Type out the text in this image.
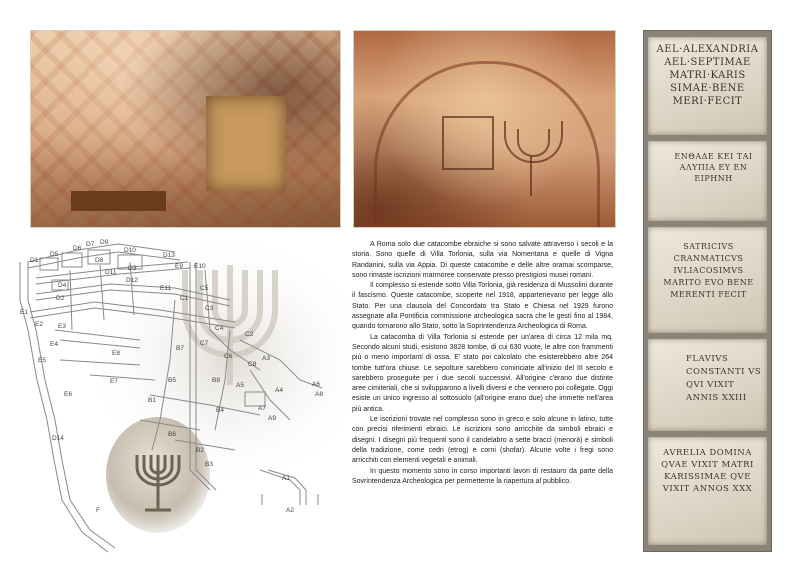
AEL·ALEXANDRIA AEL·SEPTIMAE MATRI·KARIS SIMAE·BENE MERI·FECIT
ΕΝΘΑΔΕ ΚΕΙ ΤΑΙ ΑΛΥΠΙΑ ΕΥ ΕΝ ΕΙΡΗΝΗ
SATRICIVS CRANMATICVS IVLIACOSIMVS MARITO EVO BENE MERENTI FECIT
FLAVIVS CONSTANTI VS QVI VIXIT ANNIS XXIII
AVRELIA DOMINA QVAE VIXIT MATRI KARISSIMAE QVE VIXIT ANNOS XXX
D1
D5
D6
D7
D8
D9
D10
D13
D11
D3
D4
D12
D2
E1
E2 E3
E4
E5
E6
E7
E8
E9 E10
E11
C1
C2
C3
C4
C5
C6
C7
C8
A1
A2
A3
A4
A5	A6
A7
A8
A9
B1
B2
B3
B4
B5
B6
B7
B8
D14
F

A Roma solo due catacombe ebraiche si sono salvate attraverso i secoli e la storia. Sono quelle di Villa Torlonia, sulla via Nomentana e quelle di Vigna Randanini, sulla via Appia. Di queste catacombe e delle altre oramai scomparse, sono rimaste iscrizioni marmoree conservate presso prestigiosi musei romani.

Il complesso si estende sotto Villa Torlonia, già residenza di Mussolini durante il fascismo. Queste catacombe, scoperte nel 1918, appartenevano per legge allo Stato. Per una clausola del Concordato tra Stato e Chiesa nel 1929 furono assegnate alla Pontificia commissione archeologica sacra che le gestì fino al 1984, quando tornarono allo Stato, sotto la Soprintendenza Archeologica di Roma.

La catacomba di Villa Torlonia si estende per un'area di circa 12 mila mq. Secondo alcuni studi, esistono 3828 tombe, di cui 630 vuote, le altre con frammenti più o meno importanti di ossa. E' stato poi calcolato che esisterebbero altre 264 tombe tutt'ora chiuse. Le sepolture sarebbero cominciate all'inizio del III secolo e sarebbero proseguite per i due secoli successivi. All'origine c'erano due distinte aree cimiteriali, che si svilupparono a livelli diversi e che vennero poi collegate. Oggi esiste un unico ingresso al sottosuolo (all'origine erano due) che immette nell'area più antica.

Le iscrizioni trovate nel complesso sono in greco e solo alcune in latino, tutte con precisi riferimenti ebraici. Le iscrizioni sono arricchite da simboli ebraici e disegni. I disegni più frequenti sono il candelabro a sette bracci (menorà) e simboli della tradizione, come cedri (etrog) e corni (shofar). Alcune volte i fregi sono arricchiti con elementi vegetali e animali.

In questo momento sono in corso importanti lavori di restauro da parte della Sovrintendenza Archeologica per permetterne la riapertura al pubblico.
